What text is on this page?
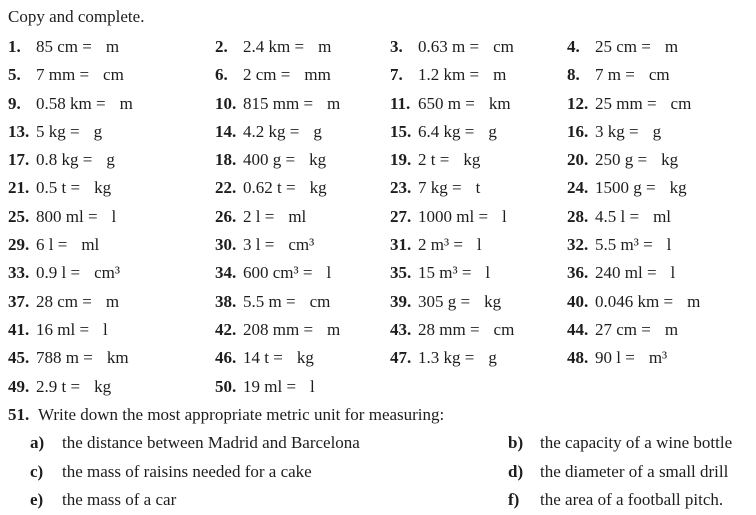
Copy and complete.
1. 85 cm = m	2. 2.4 km = m	3. 0.63 m = cm	4. 25 cm = m
5. 7 mm = cm	6. 2 cm = mm	7. 1.2 km = m	8. 7 m = cm
9. 0.58 km = m	10. 815 mm = m	11. 650 m = km	12. 25 mm = cm
13. 5 kg = g	14. 4.2 kg = g	15. 6.4 kg = g	16. 3 kg = g
17. 0.8 kg = g	18. 400 g = kg	19. 2 t = kg	20. 250 g = kg
21. 0.5 t = kg	22. 0.62 t = kg	23. 7 kg = t	24. 1500 g = kg
25. 800 ml = l	26. 2 l = ml	27. 1000 ml = l	28. 4.5 l = ml
29. 6 l = ml	30. 3 l = cm³	31. 2 m³ = l	32. 5.5 m³ = l
33. 0.9 l = cm³	34. 600 cm³ = l	35. 15 m³ = l	36. 240 ml = l
37. 28 cm = m	38. 5.5 m = cm	39. 305 g = kg	40. 0.046 km = m
41. 16 ml = l	42. 208 mm = m	43. 28 mm = cm	44. 27 cm = m
45. 788 m = km	46. 14 t = kg	47. 1.3 kg = g	48. 90 l = m³
49. 2.9 t = kg	50. 19 ml = l
51. Write down the most appropriate metric unit for measuring:
a) the distance between Madrid and Barcelona	b) the capacity of a wine bottle
c) the mass of raisins needed for a cake	d) the diameter of a small drill
e) the mass of a car	f) the area of a football pitch.
